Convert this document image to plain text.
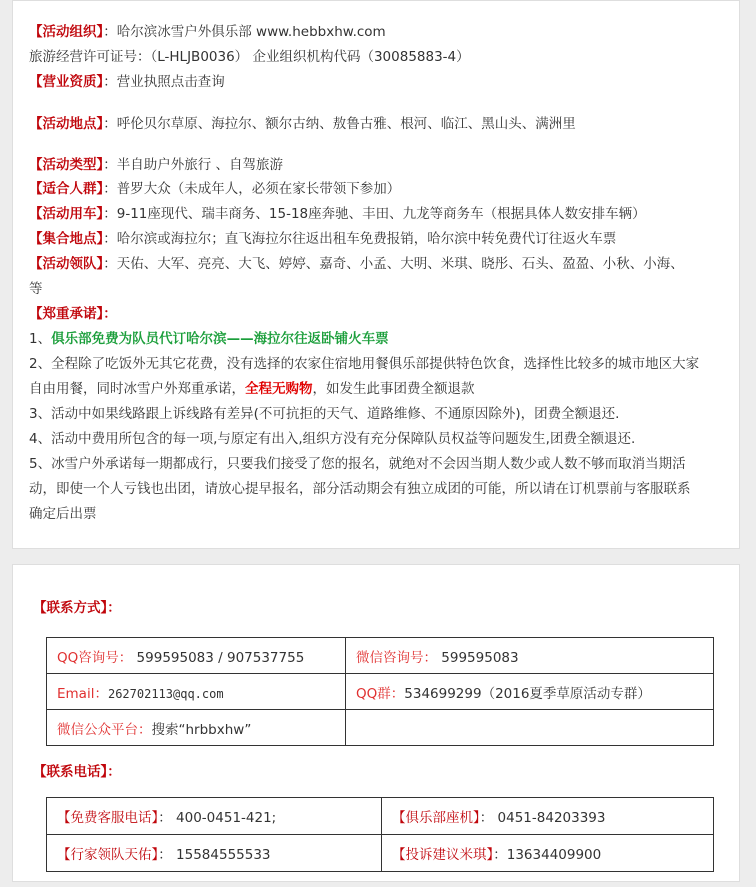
【活动组织】：哈尔滨冰雪户外俱乐部 www.hebbxhw.com
旅游经营许可证号：（L-HLJB0036） 企业组织机构代码（30085883-4）
【营业资质】：营业执照点击查询
【活动地点】：呼伦贝尔草原、海拉尔、额尔古纳、敖鲁古雅、根河、临江、黑山头、满洲里
【活动类型】：半自助户外旅行 、自驾旅游
【适合人群】：普罗大众（未成年人，必须在家长带领下参加）
【活动用车】：9-11座现代、瑞丰商务、15-18座奔驰、丰田、九龙等商务车（根据具体人数安排车辆）
【集合地点】：哈尔滨或海拉尔；直飞海拉尔往返出租车免费报销，哈尔滨中转免费代订往返火车票
【活动领队】：天佑、大军、亮亮、大飞、婷婷、嘉奇、小孟、大明、米琪、晓彤、石头、盈盈、小秋、小海、
等
【郑重承诺】：
1、俱乐部免费为队员代订哈尔滨——海拉尔往返卧铺火车票
2、全程除了吃饭外无其它花费，没有选择的农家住宿地用餐俱乐部提供特色饮食，选择性比较多的城市地区大家
自由用餐，同时冰雪户外郑重承诺，全程无购物，如发生此事团费全额退款
3、活动中如果线路跟上诉线路有差异(不可抗拒的天气、道路维修、不通原因除外)，团费全额退还.
4、活动中费用所包含的每一项,与原定有出入,组织方没有充分保障队员权益等问题发生,团费全额退还.
5、冰雪户外承诺每一期都成行，只要我们接受了您的报名，就绝对不会因当期人数少或人数不够而取消当期活
动，即使一个人亏钱也出团，请放心提早报名，部分活动期会有独立成团的可能，所以请在订机票前与客服联系
确定后出票
【联系方式】：
QQ咨询号： 599595083 / 907537755	微信咨询号： 599595083
Email：262702113@qq.com	QQ群：534699299（2016夏季草原活动专群）
微信公众平台：搜索“hrbbxhw”	
【联系电话】：
【免费客服电话】： 400-0451-421;	【俱乐部座机】： 0451-84203393
【行家领队天佑】： 15584555533	【投诉建议米琪】：13634409900
